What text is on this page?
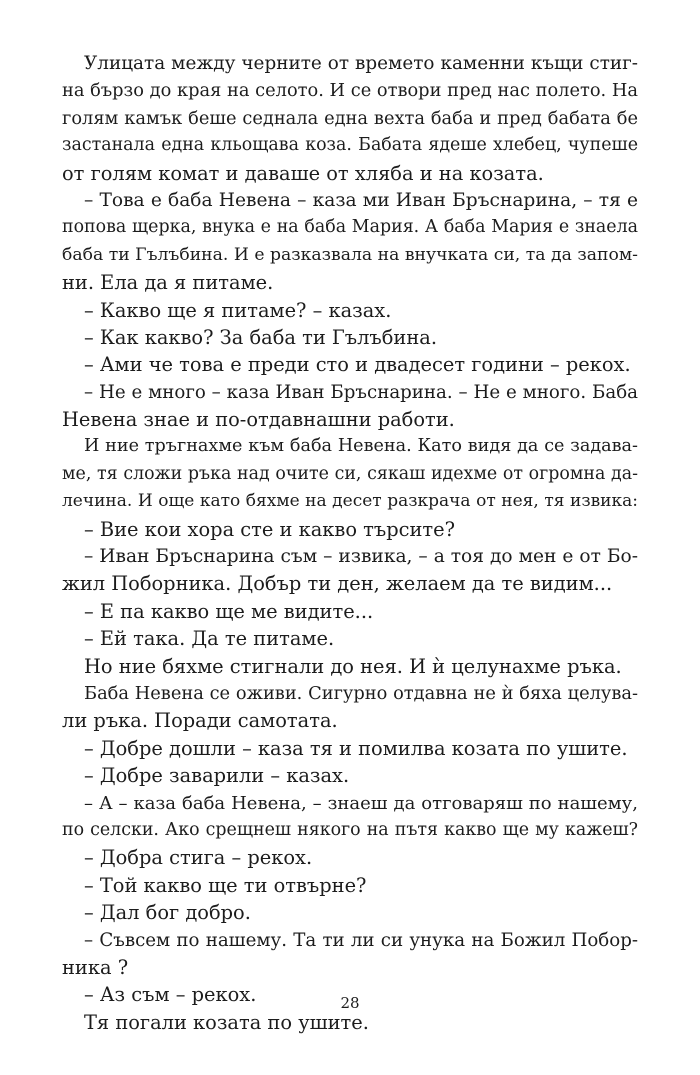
Улицата между черните от времето каменни къщи стиг-
на бързо до края на селото. И се отвори пред нас полето. На
голям камък беше седнала една вехта баба и пред бабата бе
застанала една кльощава коза. Бабата ядеше хлебец, чупеше
от голям комат и даваше от хляба и на козата.
– Това е баба Невена – каза ми Иван Бръснарина, – тя е
попова щерка, внука е на баба Мария. А баба Мария е знаела
баба ти Гълъбина. И е разказвала на внучката си, та да запом-
ни. Ела да я питаме.
– Какво ще я питаме? – казах.
– Как какво? За баба ти Гълъбина.
– Ами че това е преди сто и двадесет години – рекох.
– Не е много – каза Иван Бръснарина. – Не е много. Баба
Невена знае и по-отдавнашни работи.
И ние тръгнахме към баба Невена. Като видя да се задава-
ме, тя сложи ръка над очите си, сякаш идехме от огромна да-
лечина. И още като бяхме на десет разкрача от нея, тя извика:
– Вие кои хора сте и какво търсите?
– Иван Бръснарина съм – извика, – а тоя до мен е от Бо-
жил Поборника. Добър ти ден, желаем да те видим...
– Е па какво ще ме видите...
– Ей така. Да те питаме.
Но ние бяхме стигнали до нея. И ѝ целунахме ръка.
Баба Невена се оживи. Сигурно отдавна не ѝ бяха целува-
ли ръка. Поради самотата.
– Добре дошли – каза тя и помилва козата по ушите.
– Добре заварили – казах.
– А – каза баба Невена, – знаеш да отговаряш по нашему,
по селски. Ако срещнеш някого на пътя какво ще му кажеш?
– Добра стига – рекох.
– Той какво ще ти отвърне?
– Дал бог добро.
– Съвсем по нашему. Та ти ли си унука на Божил Побор-
ника ?
– Аз съм – рекох.
Тя погали козата по ушите.
28
